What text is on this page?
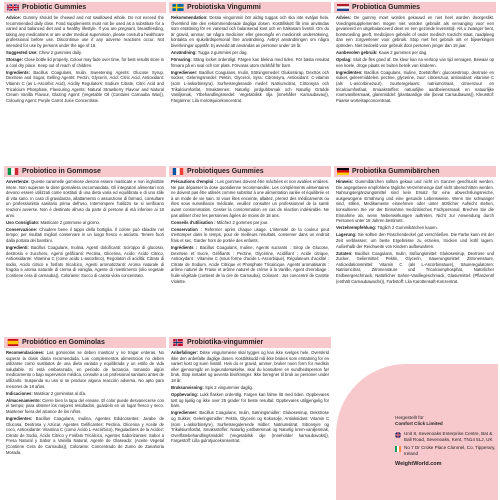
Probiotic Gummies

Advice: Gummy should be chewed and not swallowed whole. Do not exceed the recommended daily dose. Food supplements must not be used as a substitute for a varied and balanced diet and a healthy lifestyle. If you are pregnant, breastfeeding, taking any medications or are under medical supervision, please consult a healthcare professional before use. Discontinue use if any adverse reactions occur. Not intended for use by persons under the age of 18.

Suggested Use: Chew 2 gummies daily.

Storage: Close bottle lid properly. Colour may fade over time, for best results store in a cool dry place. Keep out of reach of children.

Ingredients: Bacillus Coagulans, Inulin, Sweetening Agents: Glucose Syrup, Dextrose and Sugar, Gelling Agents: Pectin, Glycerin, Acid: Citric Acid, Antioxidant: Vitamin C (as L-Ascorbic Acid), Acidity Regulators: Sodium Citrate, Citric Acid and Tricalcium Phosphate, Flavouring Agents: Natural Strawberry Flavour and Natural Cream Vanilla Flavour, Glazing Agent: (Vegetable Oil (Contains Carnauba Wax)), Colouring Agent: Purple Carrot Juice Concentrate.

Probiotico in Gommose

Avvertenze: Queste caramelle gommose devono essere masticate e non inghiottite intere. Non superare la dose giornaliera raccomandata. Gli integratori alimentari non devono essere utilizzati come sostituti di una dieta varia ed equilibrata e di uno stile di vita sano. In caso di gravidanza, allattamento o assunzione di farmaci, consultare un professionista sanitario prima dell'uso. Interrompere l'utilizzo se si verificano reazioni avverse. Non è destinato all'uso da parte di persone di età inferiore ai 18 anni.

Uso Consigliato: Masticare 2 gommose al giorno.

Conservazione: Chiudere bene il tappo della bottiglia. Il colore può sbiadire nel tempo; per risultati migliori conservare in un luogo fresco e asciutto. Tenere fuori dalla portata dei bambini.

Ingredienti: Bacillus Coagulans, Inulina, Agenti dolcificanti: Sciroppo di glucosio, destrosio e zucchero, Agenti gelificanti: Pectina, Glicerina, Acido: Acido Citrico, Antiossidante: Vitamina C (come acido L-ascorbico), Regolatori di acidità: Citrato di sodio, Acido citrico e fosfato tricalcico, Agenti aromatizzanti: Aroma naturale di fragola e aroma naturale di crema di vaniglia, Agente di rivestimento (olio vegetale (contiene cera di carnauba)), Colorante: Succo di carota viola concentrato.

Probiótico en Gominolas

Recomendaciones: Las gominolas se deben masticar y no tragar enteras. No superar la dosis diaria recomendada. Los complementos alimenticios no deben utilizarse como sustitutos de una dieta variada y equilibrada y un estilo de vida saludable. Si está embarazada, en período de lactancia, tomando algún medicamento o bajo supervisión médica, consulte a un profesional sanitario antes de utilizarlo. Suspenda su uso si se produce alguna reacción adversa. No apto para menores de 18 años.

Indicaciones: Masticar 2 gominolas al día.

Almacenamiento: Cierre bien la tapa del envase. El color puede desvanecerse con el tiempo; para obtener los mejores resultados, guárdelo en un lugar fresco y seco. Mantener fuera del alcance de los niños.

Ingredientes: Bacillus Coagulans, Inulina, Agentes Edulcorantes: Jarabe de Glucosa, Dextrosa y Azúcar, Agentes Gelificantes: Pectina, Glicerina y Aceite de coco, Antioxidante: Vitamina C (como Ácido L-Ascórbico), Reguladores de la Acidez: Citrato de Sodio, Ácido Cítrico y Fosfato Tricálcico, Agentes Saborizantes: Sabor a Fresa Natural y Sabor a Vainilla Natural, Agente de Glaseado: (Aceite Vegetal (Contiene Cera de Carnauba)), Colorante: Concentrado de Zumo de Zanahoria Morada.

Probiotiska Vingummi

Rekommendation: Dessa vingummin bör aldrig tuggas och ska inte sväljas hela. Överskrid inte den rekommenderade dagliga dosen. Kosttillskott får inte användas som ersättning för en varierad och balanserad kost och en hälsosam livsstil. Om du är gravid, ammar, tar några mediciner eller genomgår en medicinsk undersökning, kontakta en sjukvårdspersonal före användning. Avbryt användningen om några biverkningar uppstår. Ej avsedd att användas av personer under 18 år.

Användning: Tugga 2 gummies per dag.

Förvaring: Stäng locket ordentligt. Färgen kan blekna med tiden. För bästa resultat förvara på en sval och torr plats. Förvaras utom räckhåll för barn.

Ingredienser: Bacillus Coagulans, Inulin, Sötningsmedel: Glukossirap, Dextros och socker, Geleringsmedel: Pektin, Glycerol, Syra: Citronsyra, Antioxidant: C-vitamin (som L-askorbinsyra), Surhetsreglerande medel: Natriumcitrat, Citronsyra och Trikalciumfosfat, Smakämnen: Naturlig jordgubbsmak och Naturlig Grädde Vaniljsmak, Ytbehandlingsmedel: Vegetabilisk olja (innehåller Karnaubavax)), Färgämne: Lila morotsjuicekoncentrat.

Probiotiques Gummies

Précautions d'emploi : Les gommes doivent être mâchées et non avalées entières. Ne pas dépasser la dose quotidienne recommandée. Les compléments alimentaires ne doivent pas être utilisés comme substitut à une alimentation variée et équilibrée et à un mode de vie sain. Si vous êtes enceinte, allaitez, prenez des médicaments ou êtes sous surveillance médicale, veuillez consulter un professionnel de la santé avant consommation. Cesser la consommation en cas de réaction indésirable. Ne pas utiliser chez les personnes âgées de moins de 18 ans.

Conseils d'utilisation : Mâchez 2 gommes par jour.

Conservation : Refermer après chaque usage. L'intensité de la couleur peut s'estomper dans le temps, pour de meilleurs résultats, conserver dans un endroit frais et sec. Garder hors de portée des enfants.

Ingrédients : Bacillus Coagulans, Inuline, Agents sucrants : Sirop de Glucose, Dextrose et Sucre, Gélifiants : Pectine, Glycérine, Acidifiant : Acide citrique, Antioxydant : Vitamine C (sous forme d'acide L-Ascorbique), Régulateurs d'acidité : Citrate de Sodium, Acide Citrique et Phosphate Tricalcique, Agents aromatisants : arôme naturel de Fraise et arôme naturel de crème à la Vanille, Agent d'enrobage : huile végétale (contient de la cire de Carnauba), Colorant : Jus concentré de Carotte Violette.

Probiotika-vingummier

Anbefalinger: Disse vingummiene skal tygges og kan ikke svelges hele. Overskrid ikke den anbefalte daglige dosen. Kosttilskudd må ikke brukes som erstatning for en variert kost og sunn livsstil. Hvis du er gravid, ammer, bruker noen form for medisin eller gjennomgår en legeundersøkelse, skal du konsultere en sundhedsperson før bruk. Stop inntaket og avventa bivirkninger. Ikke beregnet til bruk av personer under 18 år.

Bruksanvisning: Spis 2 vingummier daglig.

Oppbevaring: Lukk flasken ordentlig. Fargen kan falme litt med tiden. Oppbevares tørt og kjølig og ikke over 25 grader for beste resultat. Oppbevares utilgjengelig for barn.

Ingredienser: Bacillus Coagulans, Inulin, Søtningsmidler: Glukosesirup, Dekstrose og Sukker, Geleringsmidler: Pektin, Glycerin og Kokosolje, Antioksidant: Vitamin C (som L-askorbinsyre), Surhetsregulerende midler: Natriumsitrat, Sitronsyre og Trikalsiumfosfat, Smaksstoffer: Naturlig jordbærsmak og Naturlig krem-vaniljesmak, Overflatebehandlingsmiddel: (Vegetabilsk olje (Inneholder karnaubavoks)), Fargestoff: Lilla gulrotjuicekonsentrat.

Probiotica Gummies

Advies: De gummy moet worden gekauwd en niet heel worden doorgeslikt. Voedingssupplementen mogen niet worden gebruikt als vervanging voor een gevarieerd en uitgebalanceerd dieet en een gezonde levensstijl. Als u zwanger bent, borstvoeding geeft, medicijnen gebruikt of onder medisch toezicht staat, raadpleeg dan een zorgverlener voor gebruik. Stop met het gebruik als er bijwerkingen optreden. Niet bedoeld voor gebruik door personen jonger dan 18 jaar.

Aanbevolen gebruik: Kauw 2 gummies per dag.

Opslag: Sluit de fles goed af. De kleur kan na verloop van tijd vervagen. Bewaar op een koele, droge plaats en buiten bereik van kinderen.

Ingrediënten: Bacillus Coagulans, Inuline, Zoetstoffen: glucosestroop, dextrose en suiker, geleermiddelen: pectine, glycerine, zuur: citroenzuur, antioxidant: vitamine C (als L-ascorbinezuur), zuurteregelaars: natriumcitraat, citroenzuur en tricalciumfosfaat, Smaakstoffen: natuurlijke aardbeiensmaak en natuurlijke roomvanillesmaak, glansmiddel: (plantaardige olie (bevat Carnaubawas)), Kleurstof: Paarse wortelsapconcentraat.

Probiotika Gummibärchen

Hinweis: Gummibärchen sollten gekaut und nicht im Ganzen geschluckt werden. Die angegebene empfohlene tägliche Verzehrmenge darf nicht überschritten werden. Nahrungsergänzungsmittel sind kein Ersatz für eine abwechslungsreiche, ausgewogene Ernährung und eine gesunde Lebensweise. Wenn Sie schwanger sind, stillen, Medikamente einnehmen oder unter ärztlicher Aufsicht stehen, konsultieren Sie vor der Einnahme medizinisches Fachpersonal. Brechen Sie die Einnahme ab, wenn Nebenwirkungen auftreten. Nicht zur Anwendung durch Personen unter 18 Jahren bestimmt.

Verzehrempfehlung: Täglich 2 Gummibärchen kauen.

Lagerung: Sie sollten den Flaschendeckel gut verschließen. Die Farbe kann mit der Zeit verblassen; um beste Ergebnisse zu erzielen, trocken und kühl lagern. Außerhalb der Reichweite von Kindern aufbewahren.

Zutaten: Bacillus Coagulans, Inulin, Süßungsmittel: Glukosesirup, Dextrose und Zucker, Geliermittel: Pektin, Glycerin, Säuerungsmittel: Zitronensäure, Antioxidationsmittel: Vitamin C (als L-Ascorbinsäure), Säureregulatoren: Natriumcitrat, Zitronensäure und Tricalciumphosphat, Natürlicher Erdbeergeschmack, Natürlicher Sahne-Vanillegeschmack, Glasurmittel: (Pflanzenöl (enthält Carnaubawachs)), Farbstoff: Lila Karottensaft-Konzentrat.

Hergestellt für
Comfort Click Limited
Unit 8, Sevenoaks Enterprise Centre, Bat & Ball Road, Sevenoaks, Kent, TN14 5LJ, UK
No 7 Dr Croke Place Clonmel, Co. Tipperary, Ireland
WeightWorld.com
